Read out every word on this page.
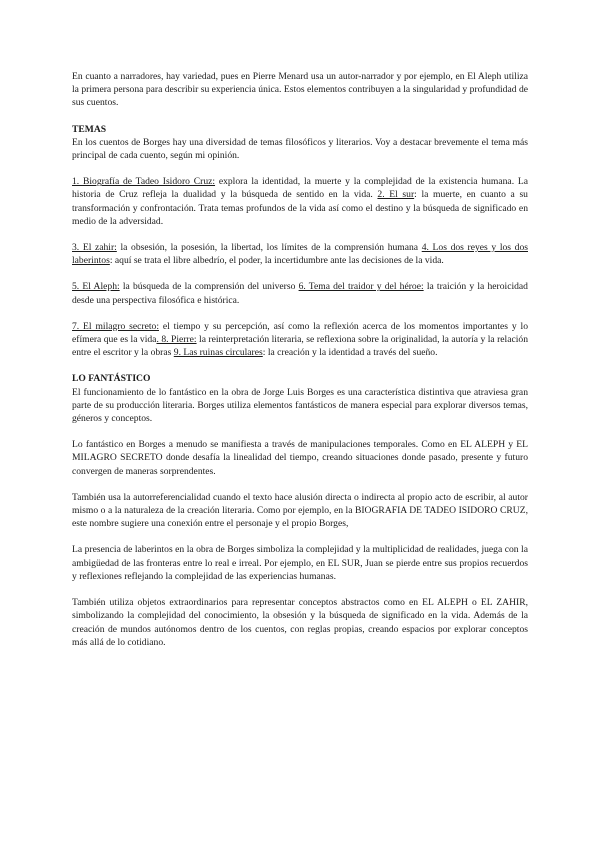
En cuanto a narradores, hay variedad, pues en Pierre Menard usa un autor-narrador y por ejemplo, en El Aleph utiliza la primera persona para describir su experiencia única. Estos elementos contribuyen a la singularidad y profundidad de sus cuentos.

TEMAS

En los cuentos de Borges hay una diversidad de temas filosóficos y literarios. Voy a destacar brevemente el tema más principal de cada cuento, según mi opinión.

1. Biografía de Tadeo Isidoro Cruz: explora la identidad, la muerte y la complejidad de la existencia humana. La historia de Cruz refleja la dualidad y la búsqueda de sentido en la vida. 2. El sur: la muerte, en cuanto a su transformación y confrontación. Trata temas profundos de la vida así como el destino y la búsqueda de significado en medio de la adversidad.

3. El zahir: la obsesión, la posesión, la libertad, los límites de la comprensión humana 4. Los dos reyes y los dos laberintos: aquí se trata el libre albedrío, el poder, la incertidumbre ante las decisiones de la vida.

5. El Aleph: la búsqueda de la comprensión del universo 6. Tema del traidor y del héroe: la traición y la heroicidad desde una perspectiva filosófica e histórica.

7. El milagro secreto: el tiempo y su percepción, así como la reflexión acerca de los momentos importantes y lo efímera que es la vida. 8. Pierre: la reinterpretación literaria, se reflexiona sobre la originalidad, la autoría y la relación entre el escritor y la obras 9. Las ruinas circulares: la creación y la identidad a través del sueño.

LO FANTÁSTICO

El funcionamiento de lo fantástico en la obra de Jorge Luis Borges es una característica distintiva que atraviesa gran parte de su producción literaria. Borges utiliza elementos fantásticos de manera especial para explorar diversos temas, géneros y conceptos.

Lo fantástico en Borges a menudo se manifiesta a través de manipulaciones temporales. Como en EL ALEPH y EL MILAGRO SECRETO donde desafía la linealidad del tiempo, creando situaciones donde pasado, presente y futuro convergen de maneras sorprendentes.

También usa la autorreferencialidad cuando el texto hace alusión directa o indirecta al propio acto de escribir, al autor mismo o a la naturaleza de la creación literaria. Como por ejemplo, en la BIOGRAFIA DE TADEO ISIDORO CRUZ, este nombre sugiere una conexión entre el personaje y el propio Borges,

La presencia de laberintos en la obra de Borges simboliza la complejidad y la multiplicidad de realidades, juega con la ambigüedad de las fronteras entre lo real e irreal. Por ejemplo, en EL SUR, Juan se pierde entre sus propios recuerdos y reflexiones reflejando la complejidad de las experiencias humanas.

También utiliza objetos extraordinarios para representar conceptos abstractos como en EL ALEPH o EL ZAHIR, simbolizando la complejidad del conocimiento, la obsesión y la búsqueda de significado en la vida. Además de la creación de mundos autónomos dentro de los cuentos, con reglas propias, creando espacios por explorar conceptos más allá de lo cotidiano.
